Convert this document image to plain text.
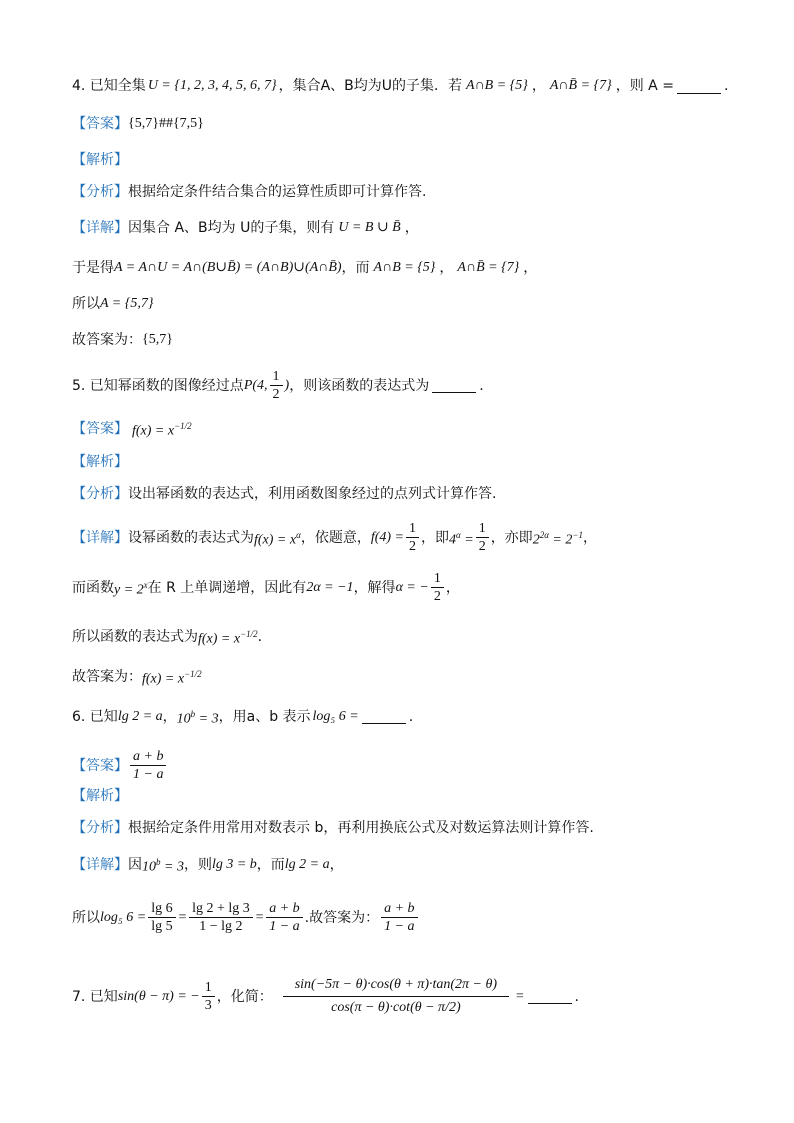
4. 已知全集 U = {1, 2, 3, 4, 5, 6, 7} ，集合A、B均为U的子集．若 A∩B = {5} ， A∩B̄ = {7} ，则 A =	.
【答案】 {5,7}##{7,5}
【解析】
【分析】 根据给定条件结合集合的运算性质即可计算作答.
【详解】 因集合 A、B均为 U的子集，则有 U = B ∪ B̄ ，
于是得 A = A∩U = A∩(B∪B̄) = (A∩B)∪(A∩B̄) ，而 A∩B = {5} ， A∩B̄ = {7} ，
所以 A = {5,7}
故答案为： {5,7}
5. 已知幂函数的图像经过点 P(4, $\frac{1}{2}$ ) ，则该函数的表达式为	.
【答案】 $f(x) = x^{-1/2}$
【解析】
【分析】 设出幂函数的表达式，利用函数图象经过的点列式计算作答.
【详解】 设幂函数的表达式为 $f(x) = x^\alpha$ ，依题意， $f(4) = \frac{1}{2}$ ，即 $4^\alpha = \frac{1}{2}$ ，亦即 $2^{2\alpha} = 2^{-1}$ ，
而函数 $y = 2^x$ 在 R 上单调递增，因此有 2α = −1 ，解得 α = − $\frac{1}{2}$ ，
所以函数的表达式为 $f(x) = x^{-1/2}$ .
故答案为： $f(x) = x^{-1/2}$
6. 已知 lg 2 = a ， $10^b = 3$ ，用a、b 表示 log₅ 6 =	.
【答案】 $\frac{a + b}{1 - a}$
【解析】
【分析】 根据给定条件用常用对数表示 b，再利用换底公式及对数运算法则计算作答.
【详解】 因 $10^b = 3$ ，则 lg 3 = b ，而 lg 2 = a ，
所以 log₅ $6 = \frac{\lg 6}{\lg 5} = \frac{\lg 2 + \lg 3}{1 - \lg 2} = \frac{a + b}{1 - a}$ .故答案为： $\frac{a + b}{1 - a}$
7. 已知 sin(θ − π) = − $\frac{1}{3}$ ，化简： $\frac{\sin(-5\pi - \theta)\cdot\cos(\theta + \pi)\cdot\tan(2\pi - \theta)}{\cos(\pi - \theta)\cdot\cot(\theta - \pi/2)}$ =	.
